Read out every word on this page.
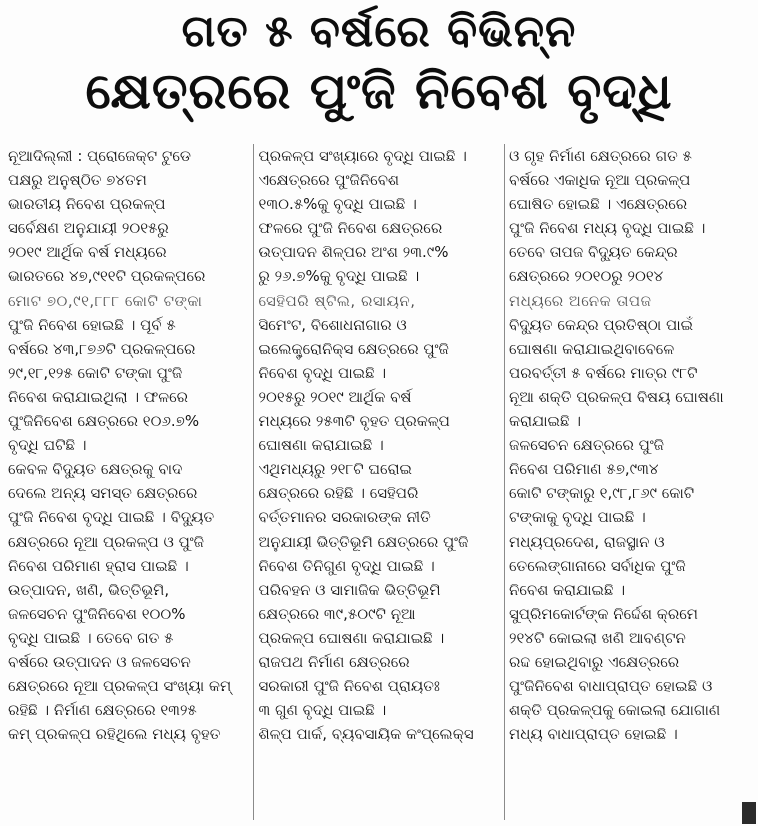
ଗତ ୫ ବର୍ଷରେ ବିଭିନ୍ନ
କ୍ଷେତ୍ରରେ ପୁଂଜି ନିବେଶ ବୃଦ୍ଧି
ନୂଆଦିଲ୍ଲୀ : ପ୍ରୋଜେକ୍ଟ ଟୁଡେ
ପକ୍ଷରୁ ଅନୁଷ୍ଠିତ ୭୪ତମ
ଭାରତୀୟ ନିବେଶ ପ୍ରକଳ୍ପ
ସର୍ବେକ୍ଷଣ ଅନୁଯାୟୀ ୨୦୧୫ରୁ
୨୦୧୯ ଆର୍ଥିକ ବର୍ଷ ମଧ୍ୟରେ
ଭାରତରେ ୪୭,୯୧୧ଟି ପ୍ରକଳ୍ପରେ
ମୋଟ ୭୦,୯୧,୮୮୮ କୋଟି ଟଙ୍କା
ପୁଂଜି ନିବେଶ ହୋଇଛି । ପୂର୍ବ ୫
ବର୍ଷରେ ୪୩,୮୭୬ଟି ପ୍ରକଳ୍ପରେ
୨୯,୧୮,୧୨୫ କୋଟି ଟଙ୍କା ପୁଂଜି
ନିବେଶ କରାଯାଇଥିଲା । ଫଳରେ
ପୁଂଜିନିବେଶ କ୍ଷେତ୍ରରେ ୧୦୬.୭%
ବୃଦ୍ଧି ଘଟିଛି ।
କେବଳ ବିଦ୍ୟୁତ କ୍ଷେତ୍ରକୁ ବାଦ
ଦେଲେ ଅନ୍ୟ ସମସ୍ତ କ୍ଷେତ୍ରରେ
ପୁଂଜି ନିବେଶ ବୃଦ୍ଧି ପାଇଛି । ବିଦ୍ୟୁତ
କ୍ଷେତ୍ରରେ ନୂଆ ପ୍ରକଳ୍ପ ଓ ପୁଂଜି
ନିବେଶ ପରିମାଣ ହ୍ରାସ ପାଇଛି ।
ଉତ୍ପାଦନ, ଖଣି, ଭିତ୍ତିଭୂମି,
ଜଳସେଚନ ପୁଂଜିନିବେଶ ୧୦୦%
ବୃଦ୍ଧି ପାଇଛି । ତେବେ ଗତ ୫
ବର୍ଷରେ ଉତ୍ପାଦନ ଓ ଜଳସେଚନ
କ୍ଷେତ୍ରରେ ନୂଆ ପ୍ରକଳ୍ପ ସଂଖ୍ୟା କମ୍
ରହିଛି । ନିର୍ମାଣ କ୍ଷେତ୍ରରେ ୧୩୨୫
କମ୍ ପ୍ରକଳ୍ପ ରହିଥିଲେ ମଧ୍ୟ ବୃହତ
ପ୍ରକଳ୍ପ ସଂଖ୍ୟାରେ ବୃଦ୍ଧି ପାଇଛି ।
ଏକ୍ଷେତ୍ରରେ ପୁଂଜିନିବେଶ
୧୩୦.୫%କୁ ବୃଦ୍ଧି ପାଇଛି ।
ଫଳରେ ପୁଂଜି ନିବେଶ କ୍ଷେତ୍ରରେ
ଉତ୍ପାଦନ ଶିଳ୍ପର ଅଂଶ ୨୩.୯%
ରୁ ୨୬.୭%କୁ ବୃଦ୍ଧି ପାଇଛି ।
ସେହିପରି ଷ୍ଟିଲ, ରସାୟନ,
ସିମେଂଟ, ବିଶୋଧନାଗାର ଓ
ଇଲେକ୍ଟ୍ରୋନିକ୍ସ କ୍ଷେତ୍ରରେ ପୁଂଜି
ନିବେଶ ବୃଦ୍ଧି ପାଇଛି ।
୨୦୧୫ରୁ ୨୦୧୯ ଆର୍ଥିକ ବର୍ଷ
ମଧ୍ୟରେ ୨୫୩ଟି ବୃହତ ପ୍ରକଳ୍ପ
ଘୋଷଣା କରାଯାଇଛି ।
ଏଥିମଧ୍ୟରୁ ୨୧୮ଟି ଘରୋଇ
କ୍ଷେତ୍ରରେ ରହିଛି । ସେହିପରି
ବର୍ତ୍ତମାନର ସରକାରଙ୍କ ନୀତି
ଅନୁଯାୟୀ ଭିତ୍ତିଭୂମି କ୍ଷେତ୍ରରେ ପୁଂଜି
ନିବେଶ ତିନିଗୁଣ ବୃଦ୍ଧି ପାଇଛି ।
ପରିବହନ ଓ ସାମାଜିକ ଭିତ୍ତିଭୂମି
କ୍ଷେତ୍ରରେ ୩୯,୫୦୯ଟି ନୂଆ
ପ୍ରକଳ୍ପ ଘୋଷଣା କରାଯାଇଛି ।
ରାଜପଥ ନିର୍ମାଣ କ୍ଷେତ୍ରରେ
ସରକାରୀ ପୁଂଜି ନିବେଶ ପ୍ରାୟତଃ
୩ ଗୁଣ ବୃଦ୍ଧି ପାଇଛି ।
ଶିଳ୍ପ ପାର୍କ, ବ୍ୟବସାୟିକ କଂପ୍ଲେକ୍ସ
ଓ ଗୃହ ନିର୍ମାଣ କ୍ଷେତ୍ରରେ ଗତ ୫
ବର୍ଷରେ ଏକାଧିକ ନୂଆ ପ୍ରକଳ୍ପ
ଘୋଷିତ ହୋଇଛି । ଏକ୍ଷେତ୍ରରେ
ପୁଂଜି ନିବେଶ ମଧ୍ୟ ବୃଦ୍ଧି ପାଇଛି ।
ତେବେ ତାପଜ ବିଦ୍ୟୁତ କେନ୍ଦ୍ର
କ୍ଷେତ୍ରରେ ୨୦୧୦ରୁ ୨୦୧୪
ମଧ୍ୟରେ ଅନେକ ତାପଜ
ବିଦ୍ୟୁତ କେନ୍ଦ୍ର ପ୍ରତିଷ୍ଠା ପାଇଁ
ଘୋଷଣା କରାଯାଇଥିବାବେଳେ
ପରବର୍ତ୍ତୀ ୫ ବର୍ଷରେ ମାତ୍ର ୯୮ଟି
ନୂଆ ଶକ୍ତି ପ୍ରକଳ୍ପ ବିଷୟ ଘୋଷଣା
କରାଯାଇଛି ।
ଜଳସେଚନ କ୍ଷେତ୍ରରେ ପୁଂଜି
ନିବେଶ ପରିମାଣ ୫୭,୯୩୪
କୋଟି ଟଙ୍କାରୁ ୧,୯୮,୮୬୯ କୋଟି
ଟଙ୍କାକୁ ବୃଦ୍ଧି ପାଇଛି ।
ମଧ୍ୟପ୍ରଦେଶ, ରାଜସ୍ଥାନ ଓ
ତେଲେଙ୍ଗାନାରେ ସର୍ବାଧିକ ପୁଂଜି
ନିବେଶ କରାଯାଇଛି ।
ସୁପ୍ରିମକୋର୍ଟଙ୍କ ନିର୍ଦ୍ଦେଶ କ୍ରମେ
୨୧୪ଟି କୋଇଲା ଖଣି ଆବଣ୍ଟନ
ରଦ୍ଦ ହୋଇଥିବାରୁ ଏକ୍ଷେତ୍ରରେ
ପୁଂଜିନିବେଶ ବାଧାପ୍ରାପ୍ତ ହୋଇଛି ଓ
ଶକ୍ତି ପ୍ରକଳ୍ପକୁ କୋଇଲା ଯୋଗାଣ
ମଧ୍ୟ ବାଧାପ୍ରାପ୍ତ ହୋଇଛି ।
